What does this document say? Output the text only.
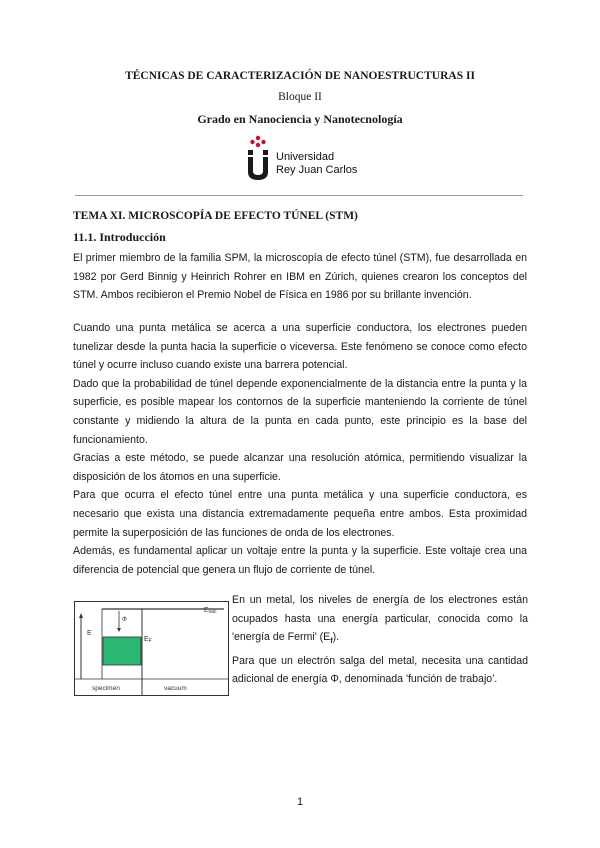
TÉCNICAS DE CARACTERIZACIÓN DE NANOESTRUCTURAS II
Bloque II
Grado en Nanociencia y Nanotecnología
Universidad
Rey Juan Carlos
TEMA XI. MICROSCOPÍA DE EFECTO TÚNEL (STM)
11.1. Introducción

El primer miembro de la familia SPM, la microscopía de efecto túnel (STM), fue desarrollada en 1982 por Gerd Binnig y Heinrich Rohrer en IBM en Zúrich, quienes crearon los conceptos del STM. Ambos recibieron el Premio Nobel de Física en 1986 por su brillante invención.

Cuando una punta metálica se acerca a una superficie conductora, los electrones pueden tunelizar desde la punta hacia la superficie o viceversa. Este fenómeno se conoce como efecto túnel y ocurre incluso cuando existe una barrera potencial.

Dado que la probabilidad de túnel depende exponencialmente de la distancia entre la punta y la superficie, es posible mapear los contornos de la superficie manteniendo la corriente de túnel constante y midiendo la altura de la punta en cada punto, este principio es la base del funcionamiento.

Gracias a este método, se puede alcanzar una resolución atómica, permitiendo visualizar la disposición de los átomos en una superficie.

Para que ocurra el efecto túnel entre una punta metálica y una superficie conductora, es necesario que exista una distancia extremadamente pequeña entre ambos. Esta proximidad permite la superposición de las funciones de onda de los electrones.

Además, es fundamental aplicar un voltaje entre la punta y la superficie. Este voltaje crea una diferencia de potencial que genera un flujo de corriente de túnel.

E
Evac
Φ
EF
specimen	vacuum

En un metal, los niveles de energía de los electrones están ocupados hasta una energía particular, conocida como la 'energía de Fermi' $(E_f)$.

Para que un electrón salga del metal, necesita una cantidad adicional de energía Φ, denominada 'función de trabajo'.

1
